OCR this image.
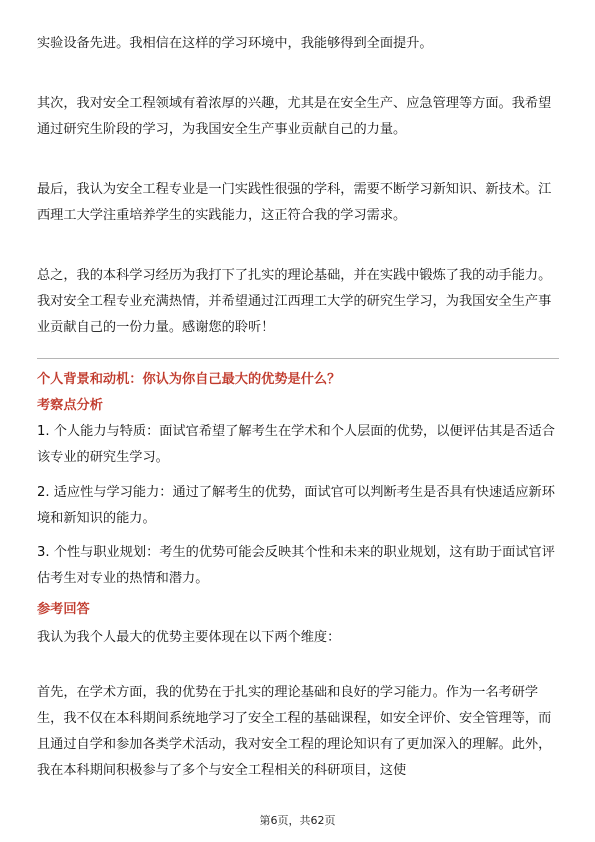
实验设备先进。我相信在这样的学习环境中，我能够得到全面提升。

其次，我对安全工程领域有着浓厚的兴趣，尤其是在安全生产、应急管理等方面。我希望通过研究生阶段的学习，为我国安全生产事业贡献自己的力量。

最后，我认为安全工程专业是一门实践性很强的学科，需要不断学习新知识、新技术。江西理工大学注重培养学生的实践能力，这正符合我的学习需求。

总之，我的本科学习经历为我打下了扎实的理论基础，并在实践中锻炼了我的动手能力。我对安全工程专业充满热情，并希望通过江西理工大学的研究生学习，为我国安全生产事业贡献自己的一份力量。感谢您的聆听！

个人背景和动机：你认为你自己最大的优势是什么？
考察点分析

1. 个人能力与特质：面试官希望了解考生在学术和个人层面的优势，以便评估其是否适合该专业的研究生学习。

2. 适应性与学习能力：通过了解考生的优势，面试官可以判断考生是否具有快速适应新环境和新知识的能力。

3. 个性与职业规划：考生的优势可能会反映其个性和未来的职业规划，这有助于面试官评估考生对专业的热情和潜力。

参考回答

我认为我个人最大的优势主要体现在以下两个维度：

首先，在学术方面，我的优势在于扎实的理论基础和良好的学习能力。作为一名考研学生，我不仅在本科期间系统地学习了安全工程的基础课程，如安全评价、安全管理等，而且通过自学和参加各类学术活动，我对安全工程的理论知识有了更加深入的理解。此外，我在本科期间积极参与了多个与安全工程相关的科研项目，这使

第6页，共62页
